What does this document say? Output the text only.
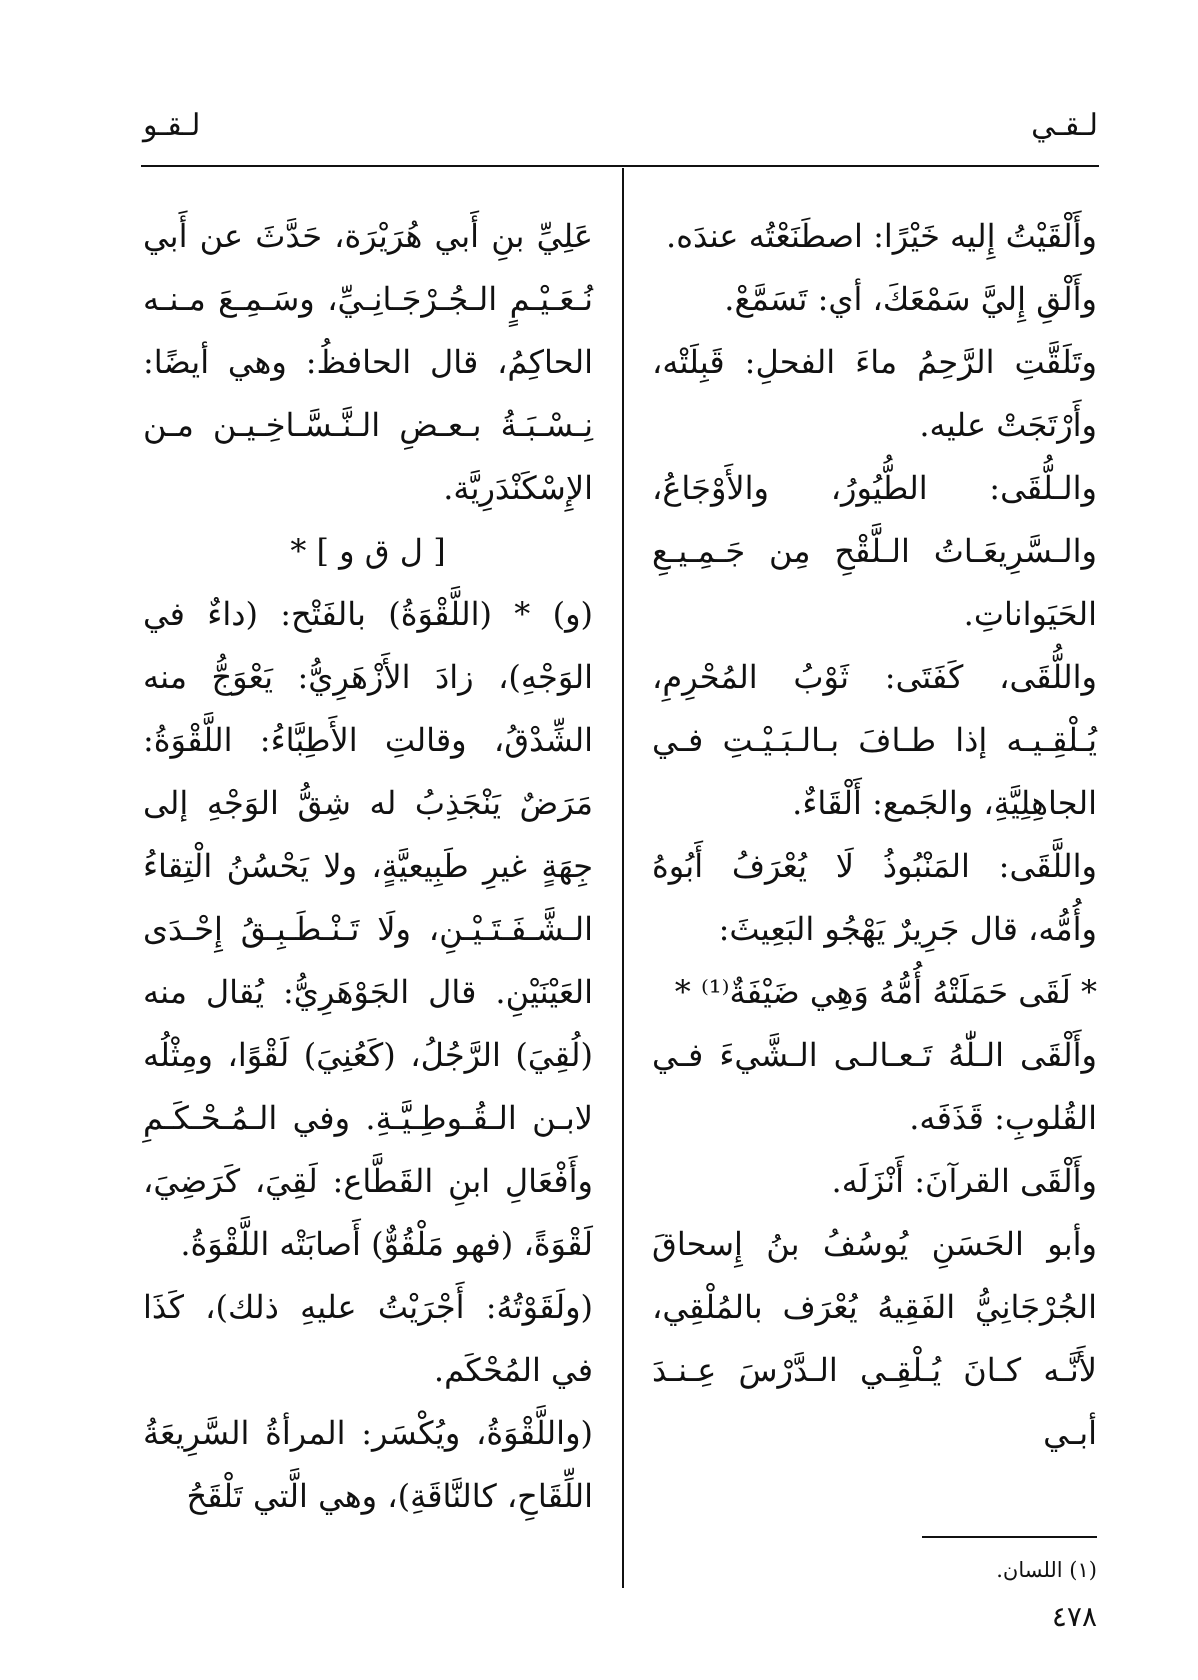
لـقـو	لـقـي

وأَلْقَيْتُ إِليه خَيْرًا: اصطَنَعْتُه عندَه.

وأَلْقِ إِليَّ سَمْعَكَ، أي: تَسَمَّعْ.

وتَلَقَّتِ الرَّحِمُ ماءَ الفحلِ: قَبِلَتْه، وأَرْتَجَتْ عليه.

والـلُّقَى: الطُّيُورُ، والأَوْجَاعُ، والـسَّرِيعَـاتُ الـلَّقْحِ مِن جَـمِـيـعِ الحَيَواناتِ.

واللُّقَى، كَفَتَى: ثَوْبُ المُحْرِمِ، يُـلْقِـيـه إذا طـافَ بـالـبَـيْـتِ فـي الجاهِلِيَّةِ، والجَمع: أَلْقَاءٌ.

واللَّقَى: المَنْبُوذُ لَا يُعْرَفُ أَبُوهُ وأُمُّه، قال جَرِيرٌ يَهْجُو البَعِيثَ:

* لَقَى حَمَلَتْهُ أُمُّهُ وَهِي ضَيْفَةٌ⁽¹⁾ *

وأَلْقَى الـلّٰهُ تَـعـالـى الـشَّيءَ فـي القُلوبِ: قَذَفَه.

وأَلْقَى القرآنَ: أَنْزَلَه.

وأبو الحَسَنِ يُوسُفُ بنُ إِسحاقَ الجُرْجَانِيُّ الفَقِيهُ يُعْرَف بالمُلْقِي، لأَنَّـه كـانَ يُـلْقِـي الـدَّرْسَ عِـنـدَ أبـي

عَلِيِّ بنِ أَبي هُرَيْرَة، حَدَّثَ عن أَبي نُـعَـيْـمٍ الـجُـرْجَـانِـيِّ، وسَـمِـعَ مـنـه الحاكِمُ، قال الحافظُ: وهي أيضًا: نِـسْـبَـةُ بـعـضِ الـنَّـسَّـاخِـيـن مـن الإِسْكَنْدَرِيَّة.

[ ل ق و ] *

(و) * (اللَّقْوَةُ) بالفَتْح: (داءٌ في الوَجْهِ)، زادَ الأَزْهَرِيُّ: يَعْوَجُّ منه الشِّدْقُ، وقالتِ الأَطِبَّاءُ: اللَّقْوَةُ: مَرَضٌ يَنْجَذِبُ له شِقُّ الوَجْهِ إلى جِهَةٍ غيرِ طَبِيعيَّةٍ، ولا يَحْسُنُ الْتِقاءُ الـشَّـفَـتَـيْـنِ، ولَا تَـنْـطَـبِـقُ إِحْـدَى العَيْنَيْنِ. قال الجَوْهَرِيُّ: يُقال منه (لُقِيَ) الرَّجُلُ، (كَعُنِيَ) لَقْوًا، ومِثْلُه لابـن الـقُـوطِـيَّـةِ. وفي الـمُـحْـكَـمِ وأَفْعَالِ ابنِ القَطَّاع: لَقِيَ، كَرَضِيَ، لَقْوَةً، (فهو مَلْقُوٌّ) أَصابَتْه اللَّقْوَةُ.

(ولَقَوْتُهُ: أَجْرَيْتُ عليهِ ذلك)، كَذَا في المُحْكَم.

(واللَّقْوَةُ، ويُكْسَر: المرأةُ السَّرِيعَةُ اللِّقَاحِ، كالنَّاقَةِ)، وهي الَّتي تَلْقَحُ

(١) اللسان.
٤٧٨
